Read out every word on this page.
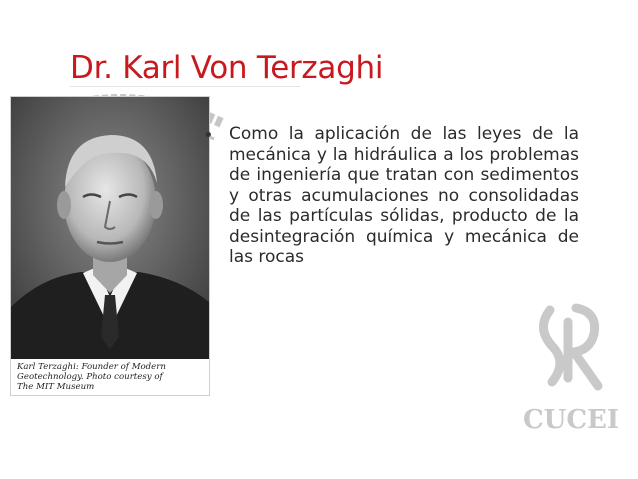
Dr. Karl Von Terzaghi
Karl Terzaghi: Founder of Modern
Geotechnology. Photo courtesy of
The MIT Museum
• Como la aplicación de las leyes de la mecánica y la hidráulica a los problemas de ingeniería que tratan con sedimentos y otras acumulaciones no consolidadas de las partículas sólidas, producto de la desintegración química y mecánica de las rocas
CUCEI
